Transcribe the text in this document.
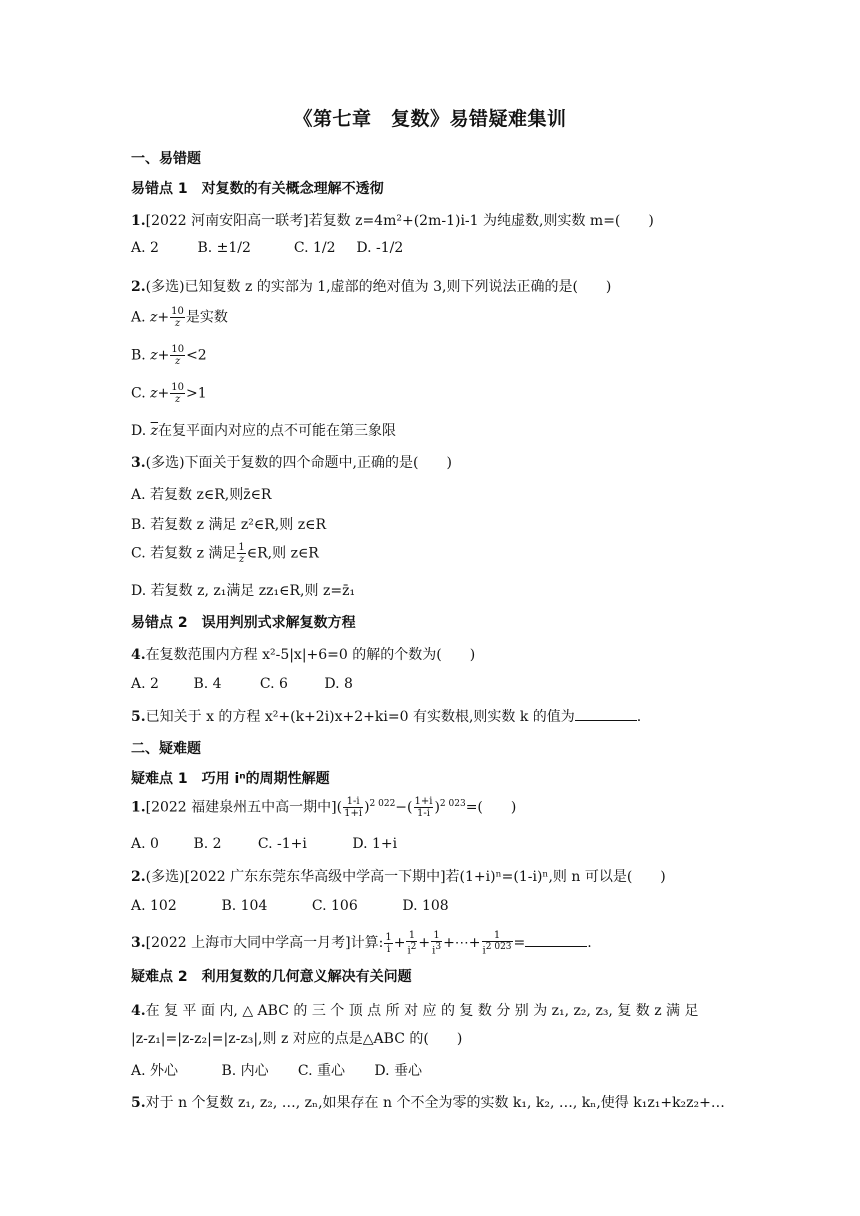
《第七章　复数》易错疑难集训
一、易错题
易错点 1　对复数的有关概念理解不透彻
1.[2022 河南安阳高一联考]若复数 z=4m²+(2m-1)i-1 为纯虚数,则实数 m=(　　)
A. 2	B. ±1/2	C. 1/2 D. -1/2
2.(多选)已知复数 z 的实部为 1,虚部的绝对值为 3,则下列说法正确的是(　　)
A. $z+ \frac{10}{z}$ 是实数
B. $z+ \frac{10}{z} <2$
C. $z+ \frac{10}{z} >1$
D. $\overline{z}$在复平面内对应的点不可能在第三象限
3.(多选)下面关于复数的四个命题中,正确的是(　　)
A. 若复数 z∈R,则z̄∈R
B. 若复数 z 满足 z²∈R,则 z∈R
C. 若复数 z 满足 $\frac{1}{z}$ ∈R,则 z∈R
D. 若复数 z, z₁满足 zz₁∈R,则 z=z̄₁
易错点 2　误用判别式求解复数方程
4.在复数范围内方程 x²-5|x|+6=0 的解的个数为(　　)
A. 2 B. 4	C. 6	D. 8
5.已知关于 x 的方程 x²+(k+2i)x+2+ki=0 有实数根,则实数 k 的值为	.
二、疑难题
疑难点 1　巧用 iⁿ的周期性解题
1.[2022 福建泉州五中高一期中]( $\frac{1-i}{1+i} )^{2 022}-( \frac{1+i}{1-i} )^{2 023}=$(　　)
A. 0 B. 2	C. -1+i	D. 1+i
2.(多选)[2022 广东东莞东华高级中学高一下期中]若(1+i)ⁿ=(1-i)ⁿ,则 n 可以是(　　)
A. 102	B. 104	C. 106	D. 108
3.[2022 上海市大同中学高一月考]计算: $\frac{1}{i} + \frac{1}{i^2} + \frac{1}{i^3}$ +⋯+ $\frac{1}{i^{2 023}}$ =	.
疑难点 2　利用复数的几何意义解决有关问题
4.在 复 平 面 内, △ ABC 的 三 个 顶 点 所 对 应 的 复 数 分 别 为 z₁, z₂, z₃, 复 数 z 满 足
|z-z₁|=|z-z₂|=|z-z₃|,则 z 对应的点是△ABC 的(　　)
A. 外心	B. 内心 C. 重心 D. 垂心
5.对于 n 个复数 z₁, z₂, …, zₙ,如果存在 n 个不全为零的实数 k₁, k₂, …, kₙ,使得 k₁z₁+k₂z₂+…
